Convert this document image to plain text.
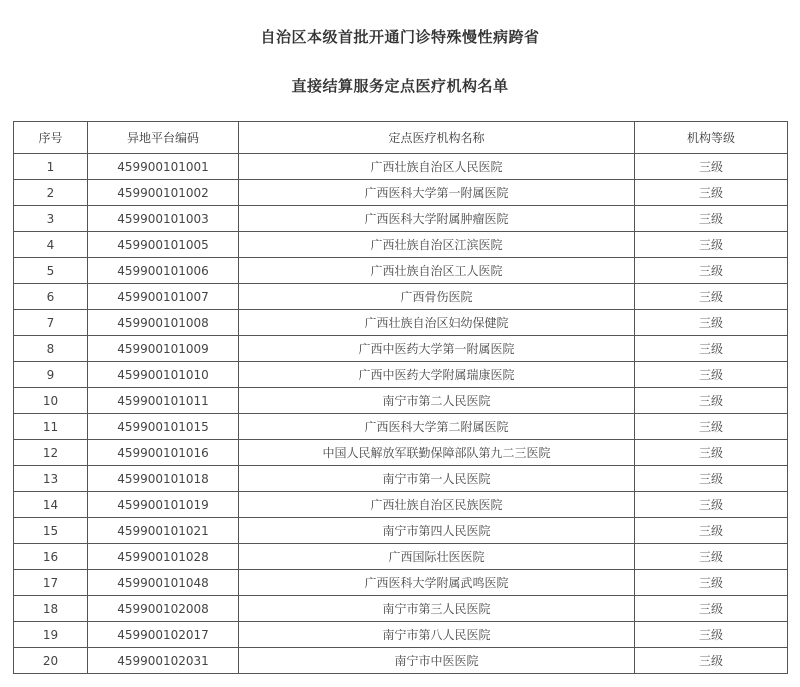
自治区本级首批开通门诊特殊慢性病跨省
直接结算服务定点医疗机构名单
序号	异地平台编码	定点医疗机构名称	机构等级
1	459900101001	广西壮族自治区人民医院	三级
2	459900101002	广西医科大学第一附属医院	三级
3	459900101003	广西医科大学附属肿瘤医院	三级
4	459900101005	广西壮族自治区江滨医院	三级
5	459900101006	广西壮族自治区工人医院	三级
6	459900101007	广西骨伤医院	三级
7	459900101008	广西壮族自治区妇幼保健院	三级
8	459900101009	广西中医药大学第一附属医院	三级
9	459900101010	广西中医药大学附属瑞康医院	三级
10	459900101011	南宁市第二人民医院	三级
11	459900101015	广西医科大学第二附属医院	三级
12	459900101016	中国人民解放军联勤保障部队第九二三医院	三级
13	459900101018	南宁市第一人民医院	三级
14	459900101019	广西壮族自治区民族医院	三级
15	459900101021	南宁市第四人民医院	三级
16	459900101028	广西国际壮医医院	三级
17	459900101048	广西医科大学附属武鸣医院	三级
18	459900102008	南宁市第三人民医院	三级
19	459900102017	南宁市第八人民医院	三级
20	459900102031	南宁市中医医院	三级
